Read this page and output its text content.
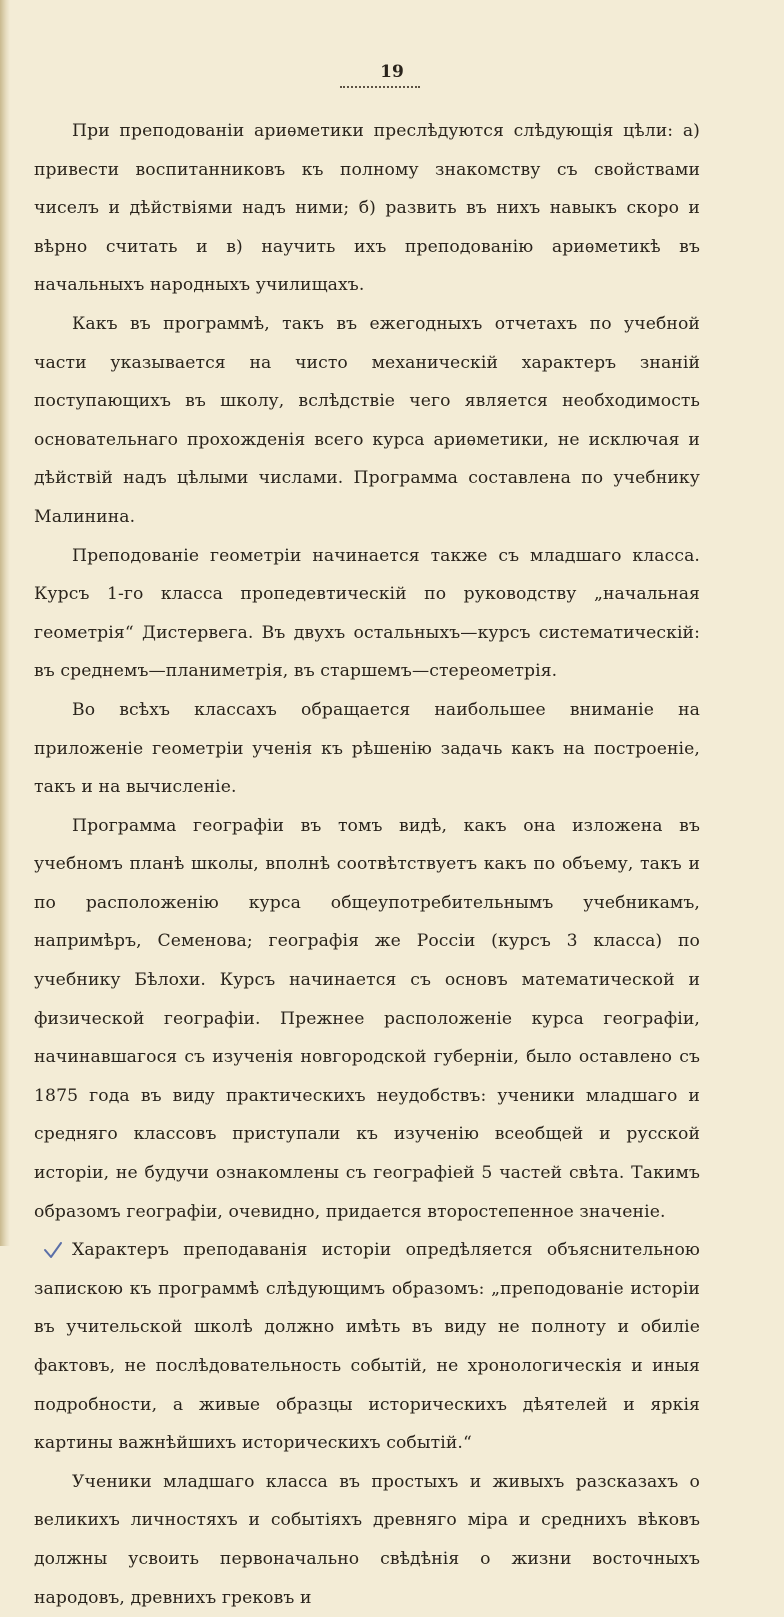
19

При преподованіи ариѳметики преслѣдуются слѣдующія цѣли: а) привести воспитанниковъ къ полному знакомству съ свойствами чиселъ и дѣйствіями надъ ними; б) развить въ нихъ навыкъ скоро и вѣрно считать и в) научить ихъ преподованію ариѳметикѣ въ начальныхъ народныхъ училищахъ.

Какъ въ программѣ, такъ въ ежегодныхъ отчетахъ по учебной части указывается на чисто механическій характеръ знаній поступающихъ въ школу, вслѣдствіе чего является необходимость основательнаго прохожденія всего курса ариѳметики, не исключая и дѣйствій надъ цѣлыми числами. Программа составлена по учебнику Малинина.

Преподованіе геометріи начинается также съ младшаго класса. Курсъ 1-го класса пропедевтическій по руководству „начальная геометрія“ Дистервега. Въ двухъ остальныхъ—курсъ систематическій: въ среднемъ—планиметрія, въ старшемъ—стереометрія.

Во всѣхъ классахъ обращается наибольшее вниманіе на приложеніе геометріи ученія къ рѣшенію задачь какъ на построеніе, такъ и на вычисленіе.

Программа географіи въ томъ видѣ, какъ она изложена въ учебномъ планѣ школы, вполнѣ соотвѣтствуетъ какъ по объему, такъ и по расположенію курса общеупотребительнымъ учебникамъ, напримѣръ, Семенова; географія же Россіи (курсъ 3 класса) по учебнику Бѣлохи. Курсъ начинается съ основъ математической и физической географіи. Прежнее расположеніе курса географіи, начинавшагося съ изученія новгородской губерніи, было оставлено съ 1875 года въ виду практическихъ неудобствъ: ученики младшаго и средняго классовъ приступали къ изученію всеобщей и русской исторіи, не будучи ознакомлены съ географіей 5 частей свѣта. Такимъ образомъ географіи, очевидно, придается второстепенное значеніе.

Характеръ преподаванія исторіи опредѣляется объяснительною запискою къ программѣ слѣдующимъ образомъ: „преподованіе исторіи въ учительской школѣ должно имѣть въ виду не полноту и обиліе фактовъ, не послѣдовательность событій, не хронологическія и иныя подробности, а живые образцы историческихъ дѣятелей и яркія картины важнѣйшихъ историческихъ событій.“

Ученики младшаго класса въ простыхъ и живыхъ разсказахъ о великихъ личностяхъ и событіяхъ древняго міра и среднихъ вѣковъ должны усвоить первоначально свѣдѣнія о жизни восточныхъ народовъ, древнихъ грековъ и
